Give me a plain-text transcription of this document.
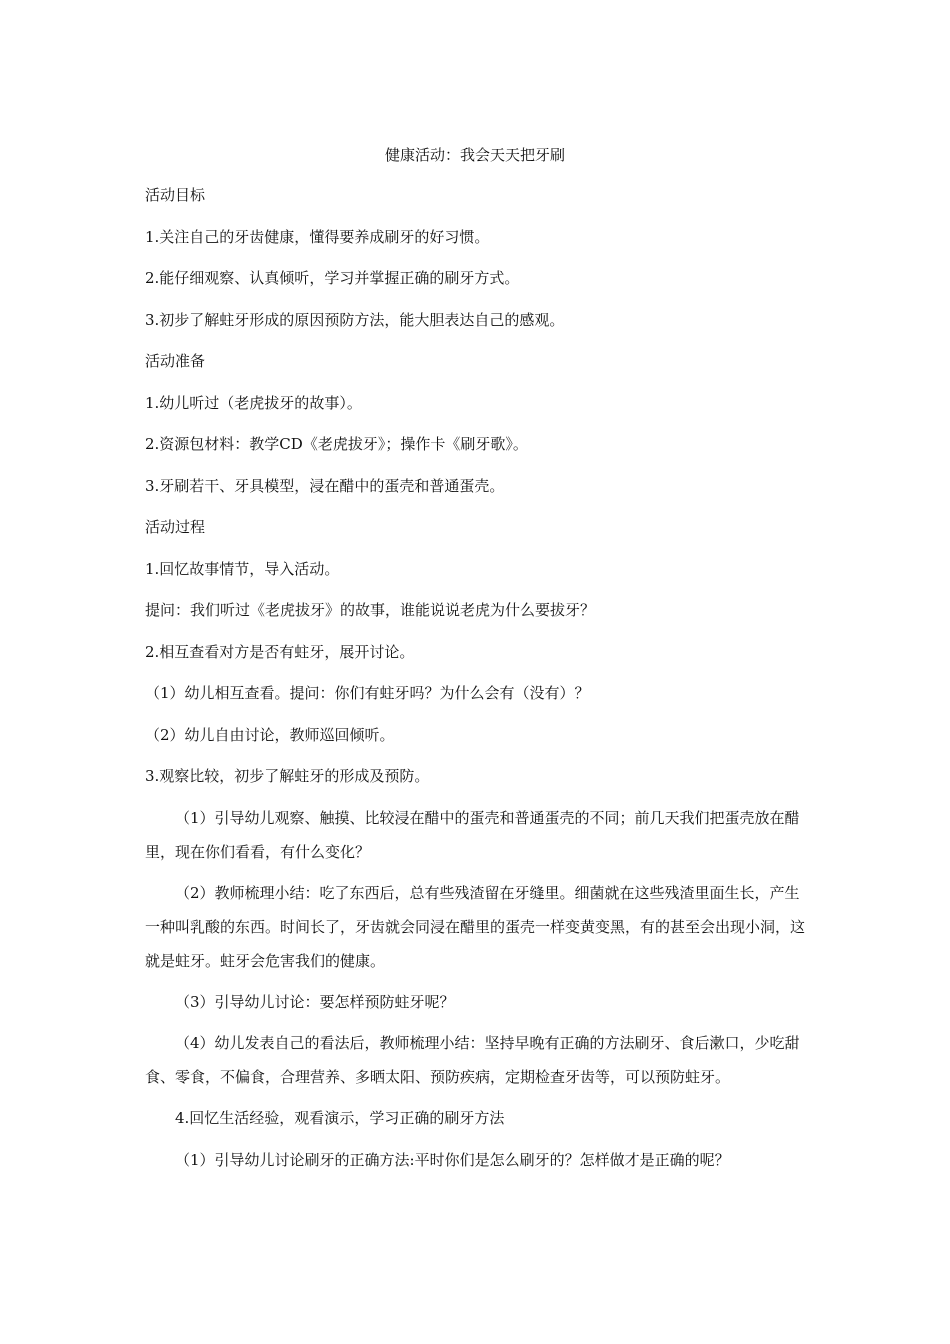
健康活动：我会天天把牙刷

活动目标

1.关注自己的牙齿健康，懂得要养成刷牙的好习惯。

2.能仔细观察、认真倾听，学习并掌握正确的刷牙方式。

3.初步了解蛀牙形成的原因预防方法，能大胆表达自己的感观。

活动准备

1.幼儿听过（老虎拔牙的故事）。

2.资源包材料：教学CD《老虎拔牙》；操作卡《刷牙歌》。

3.牙刷若干、牙具模型，浸在醋中的蛋壳和普通蛋壳。

活动过程

1.回忆故事情节，导入活动。

提问：我们听过《老虎拔牙》的故事，谁能说说老虎为什么要拔牙？

2.相互查看对方是否有蛀牙，展开讨论。

（1）幼儿相互查看。提问：你们有蛀牙吗？为什么会有（没有）？

（2）幼儿自由讨论，教师巡回倾听。

3.观察比较，初步了解蛀牙的形成及预防。

（1）引导幼儿观察、触摸、比较浸在醋中的蛋壳和普通蛋壳的不同；前几天我们把蛋壳放在醋里，现在你们看看，有什么变化？

（2）教师梳理小结：吃了东西后，总有些残渣留在牙缝里。细菌就在这些残渣里面生长，产生一种叫乳酸的东西。时间长了，牙齿就会同浸在醋里的蛋壳一样变黄变黑，有的甚至会出现小洞，这就是蛀牙。蛀牙会危害我们的健康。

（3）引导幼儿讨论：要怎样预防蛀牙呢？

（4）幼儿发表自己的看法后，教师梳理小结：坚持早晚有正确的方法刷牙、食后漱口，少吃甜食、零食，不偏食，合理营养、多晒太阳、预防疾病，定期检查牙齿等，可以预防蛀牙。

4.回忆生活经验，观看演示，学习正确的刷牙方法

（1）引导幼儿讨论刷牙的正确方法:平时你们是怎么刷牙的？怎样做才是正确的呢？
